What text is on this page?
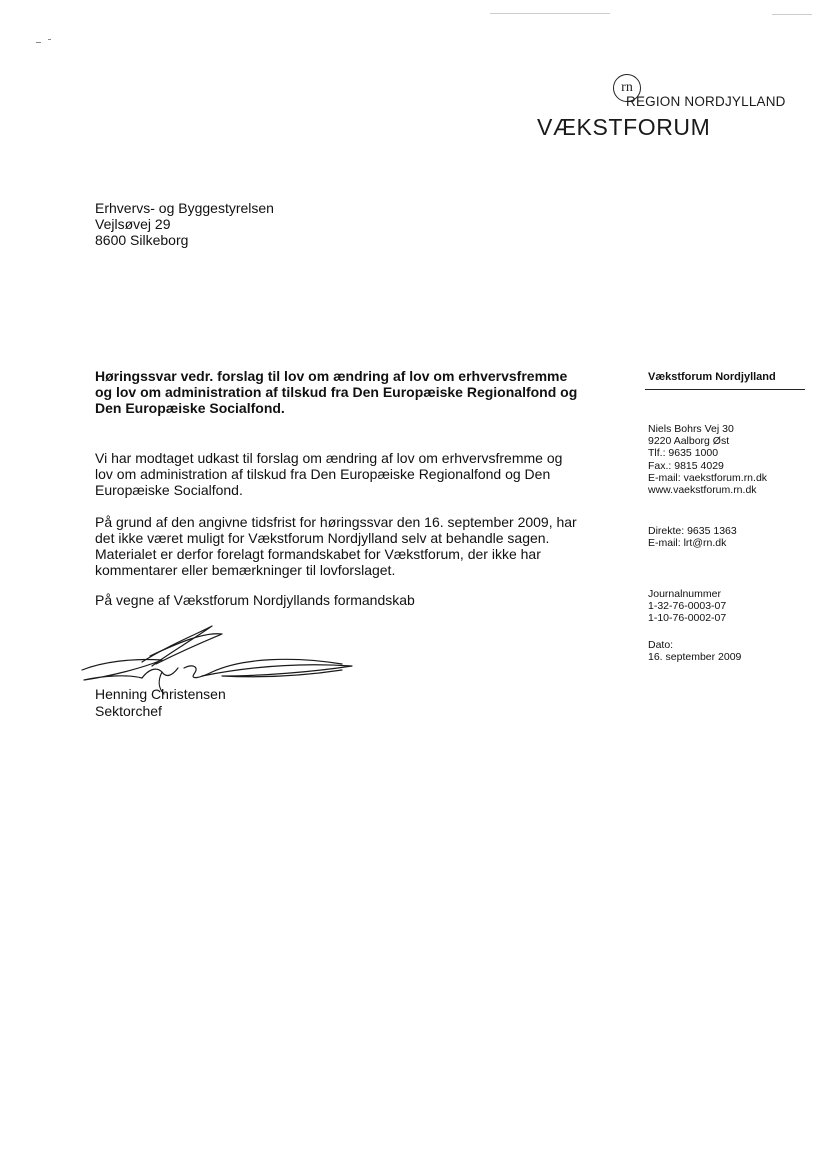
rn
REGION NORDJYLLAND
VÆKSTFORUM
Erhvervs- og Byggestyrelsen
Vejlsøvej 29
8600 Silkeborg
Høringssvar vedr. forslag til lov om ændring af lov om erhvervsfremme
og lov om administration af tilskud fra Den Europæiske Regionalfond og
Den Europæiske Socialfond.
Vi har modtaget udkast til forslag om ændring af lov om erhvervsfremme og
lov om administration af tilskud fra Den Europæiske Regionalfond og Den
Europæiske Socialfond.
På grund af den angivne tidsfrist for høringssvar den 16. september 2009, har
det ikke været muligt for Vækstforum Nordjylland selv at behandle sagen.
Materialet er derfor forelagt formandskabet for Vækstforum, der ikke har
kommentarer eller bemærkninger til lovforslaget.
På vegne af Vækstforum Nordjyllands formandskab
Henning Christensen
Sektorchef
Vækstforum Nordjylland
Niels Bohrs Vej 30
9220 Aalborg Øst
Tlf.: 9635 1000
Fax.: 9815 4029
E-mail: vaekstforum.rn.dk
www.vaekstforum.rn.dk
Direkte: 9635 1363
E-mail: lrt@rn.dk
Journalnummer
1-32-76-0003-07
1-10-76-0002-07
Dato:
16. september 2009
